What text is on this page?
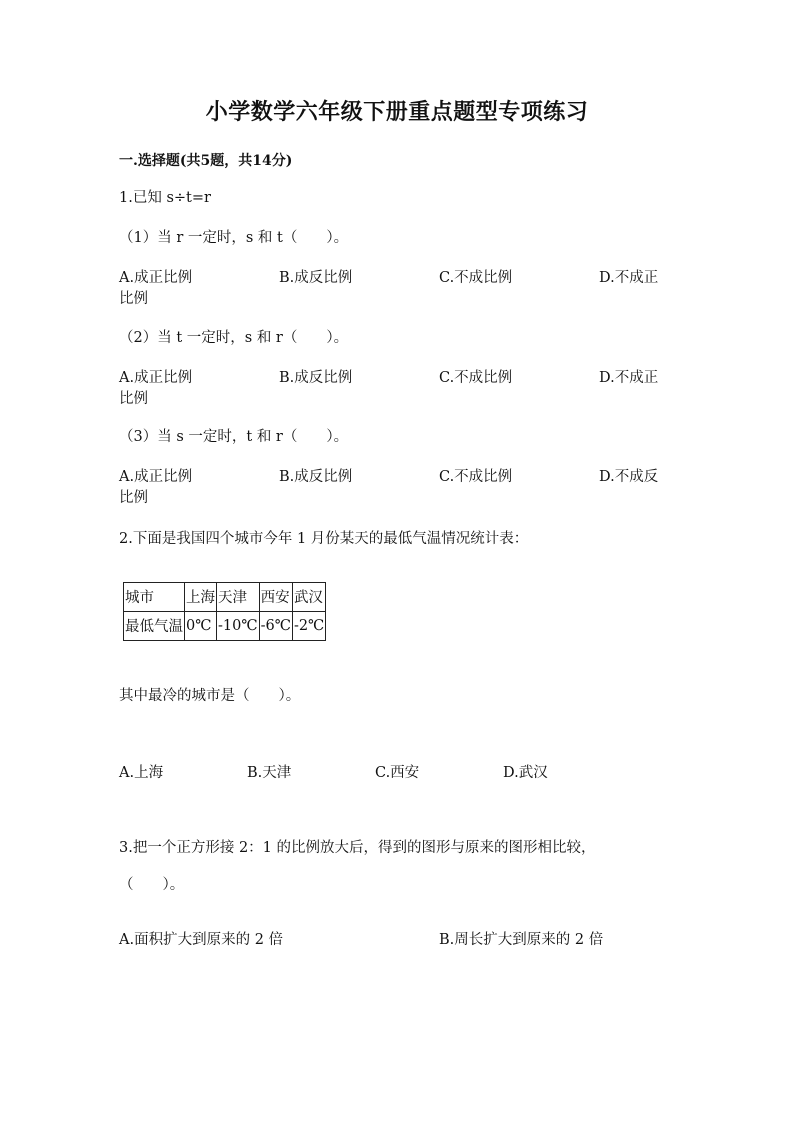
小学数学六年级下册重点题型专项练习
一.选择题(共5题，共14分)
1.已知 s÷t=r
（1）当 r 一定时，s 和 t（　　）。
A.成正比例	B.成反比例	C.不成比例	D.不成正
比例
（2）当 t 一定时，s 和 r（　　）。
A.成正比例	B.成反比例	C.不成比例	D.不成正
比例
（3）当 s 一定时，t 和 r（　　）。
A.成正比例	B.成反比例	C.不成比例	D.不成反
比例
2.下面是我国四个城市今年 1 月份某天的最低气温情况统计表：
城市	上海	天津	西安	武汉
最低气温	0℃	-10℃	-6℃	-2℃
其中最冷的城市是（　　）。
A.上海	B.天津	C.西安	D.武汉
3.把一个正方形接 2：1 的比例放大后，得到的图形与原来的图形相比较，
（　　）。
A.面积扩大到原来的 2 倍	B.周长扩大到原来的 2 倍
